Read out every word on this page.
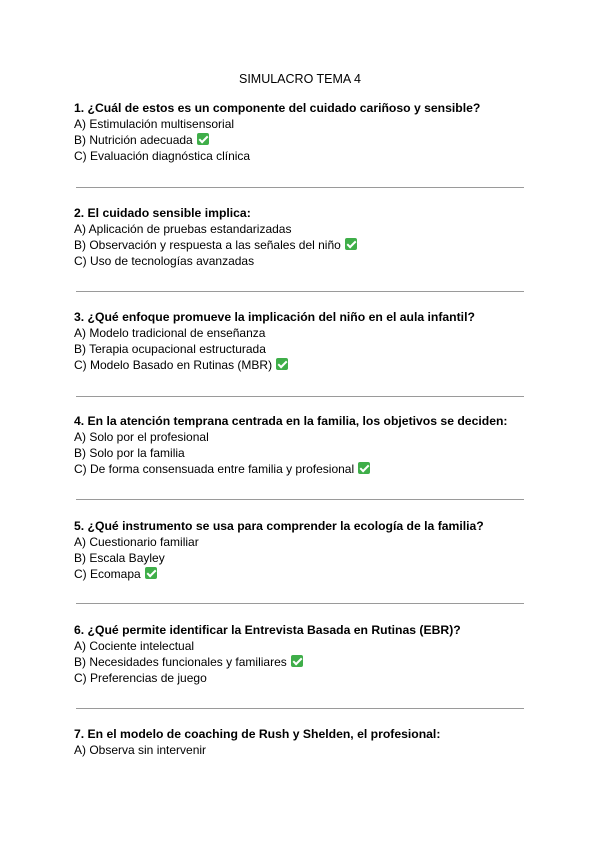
SIMULACRO TEMA 4
1. ¿Cuál de estos es un componente del cuidado cariñoso y sensible?
A) Estimulación multisensorial
B) Nutrición adecuada
C) Evaluación diagnóstica clínica
2. El cuidado sensible implica:
A) Aplicación de pruebas estandarizadas
B) Observación y respuesta a las señales del niño
C) Uso de tecnologías avanzadas
3. ¿Qué enfoque promueve la implicación del niño en el aula infantil?
A) Modelo tradicional de enseñanza
B) Terapia ocupacional estructurada
C) Modelo Basado en Rutinas (MBR)
4. En la atención temprana centrada en la familia, los objetivos se deciden:
A) Solo por el profesional
B) Solo por la familia
C) De forma consensuada entre familia y profesional
5. ¿Qué instrumento se usa para comprender la ecología de la familia?
A) Cuestionario familiar
B) Escala Bayley
C) Ecomapa
6. ¿Qué permite identificar la Entrevista Basada en Rutinas (EBR)?
A) Cociente intelectual
B) Necesidades funcionales y familiares
C) Preferencias de juego
7. En el modelo de coaching de Rush y Shelden, el profesional:
A) Observa sin intervenir
